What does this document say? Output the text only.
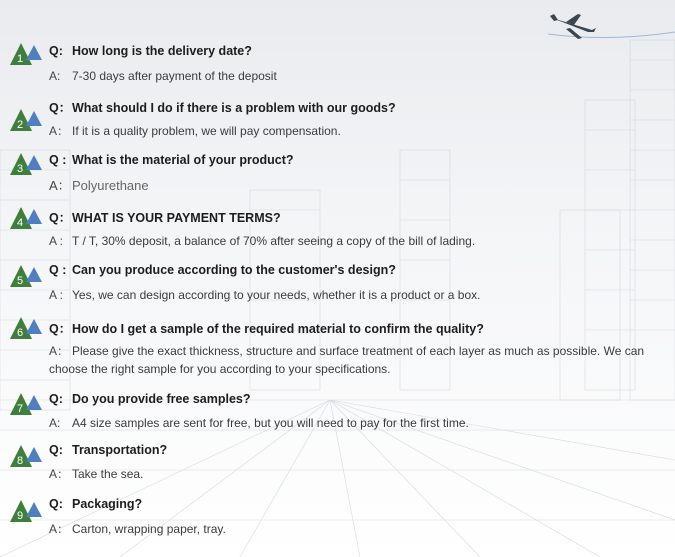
1
Q: How long is the delivery date?
A: 7-30 days after payment of the deposit
2
Q：What should I do if there is a problem with our goods?
A： If it is a quality problem, we will pay compensation.
3
Q : What is the material of your product?
A：Polyurethane
4 Q：WHAT IS YOUR PAYMENT TERMS?
A : T / T, 30% deposit, a balance of 70% after seeing a copy of the bill of lading.
5
Q : Can you produce according to the customer's design?
A : Yes, we can design according to your needs, whether it is a product or a box.
6 Q：How do I get a sample of the required material to confirm the quality?
A： Please give the exact thickness, structure and surface treatment of each layer as much as possible. We can choose the right sample for you according to your specifications.
7
Q: Do you provide free samples?
A: A4 size samples are sent for free, but you will need to pay for the first time.
8
Q: Transportation?
A： Take the sea.
9
Q: Packaging?
A： Carton, wrapping paper, tray.
